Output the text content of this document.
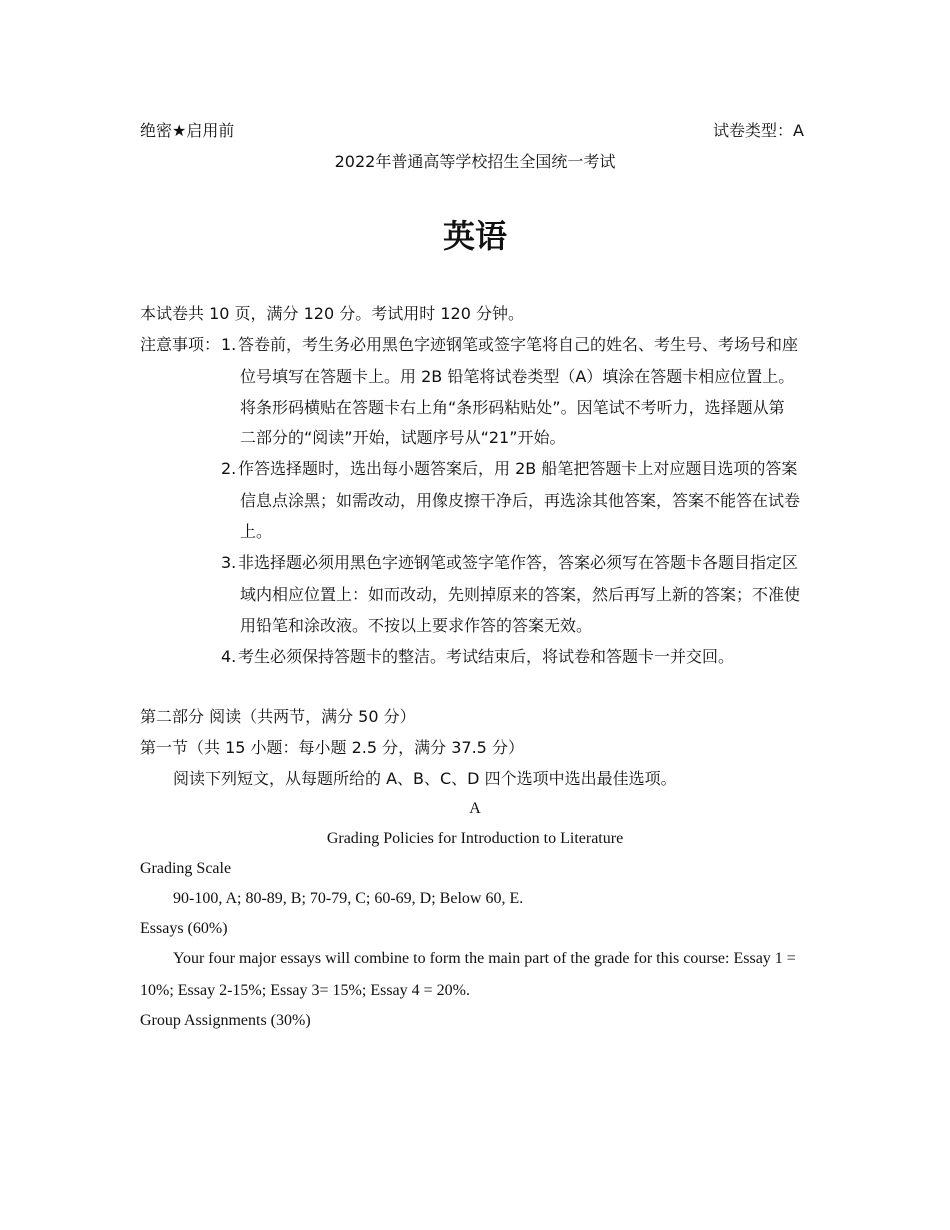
绝密★启用前	试卷类型：A
2022年普通高等学校招生全国统一考试
英语
本试卷共 10 页，满分 120 分。考试用时 120 分钟。
注意事项： 1. 答卷前，考生务必用黑色字迹钢笔或签字笔将自己的姓名、考生号、考场号和座
位号填写在答题卡上。用 2B 铅笔将试卷类型（A）填涂在答题卡相应位置上。
将条形码横贴在答题卡右上角“条形码粘贴处”。因笔试不考听力，选择题从第
二部分的“阅读”开始，试题序号从“21”开始。
2. 作答选择题时，选出每小题答案后，用 2B 船笔把答题卡上对应题目选项的答案
信息点涂黑；如需改动，用像皮擦干净后，再选涂其他答案，答案不能答在试卷
上。
3. 非选择题必须用黑色字迹钢笔或签字笔作答，答案必须写在答题卡各题目指定区
域内相应位置上：如而改动，先则掉原来的答案，然后再写上新的答案；不准使
用铅笔和涂改液。不按以上要求作答的答案无效。
4. 考生必须保持答题卡的整洁。考试结束后，将试卷和答题卡一并交回。
第二部分 阅读（共两节，满分 50 分）
第一节（共 15 小题：每小题 2.5 分，满分 37.5 分）
阅读下列短文，从每题所给的 A、B、C、D 四个选项中选出最佳选项。
A
Grading Policies for Introduction to Literature
Grading Scale
90-100, A; 80-89, B; 70-79, C; 60-69, D; Below 60, E.
Essays (60%)
Your four major essays will combine to form the main part of the grade for this course: Essay 1 =
10%; Essay 2-15%; Essay 3= 15%; Essay 4 = 20%.
Group Assignments (30%)
